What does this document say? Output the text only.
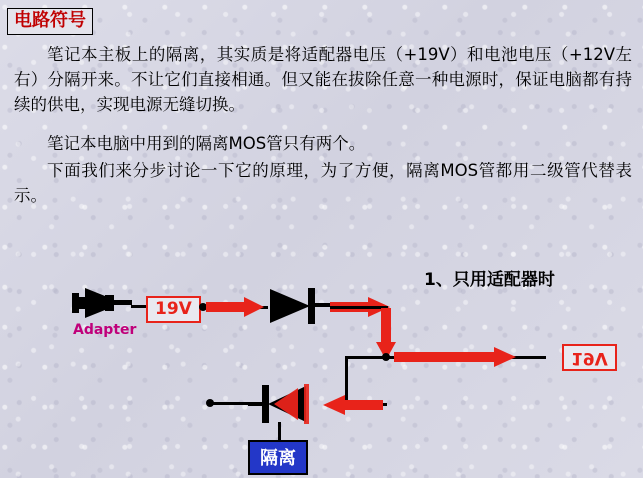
电路符号

笔记本主板上的隔离，其实质是将适配器电压（+19V）和电池电压（+12V左右）分隔开来。不让它们直接相通。但又能在拔除任意一种电源时，保证电脑都有持续的供电，实现电源无缝切换。

笔记本电脑中用到的隔离MOS管只有两个。

下面我们来分步讨论一下它的原理，为了方便，隔离MOS管都用二级管代替表示。

1、只用适配器时
Adapter
19V
19V
隔离
